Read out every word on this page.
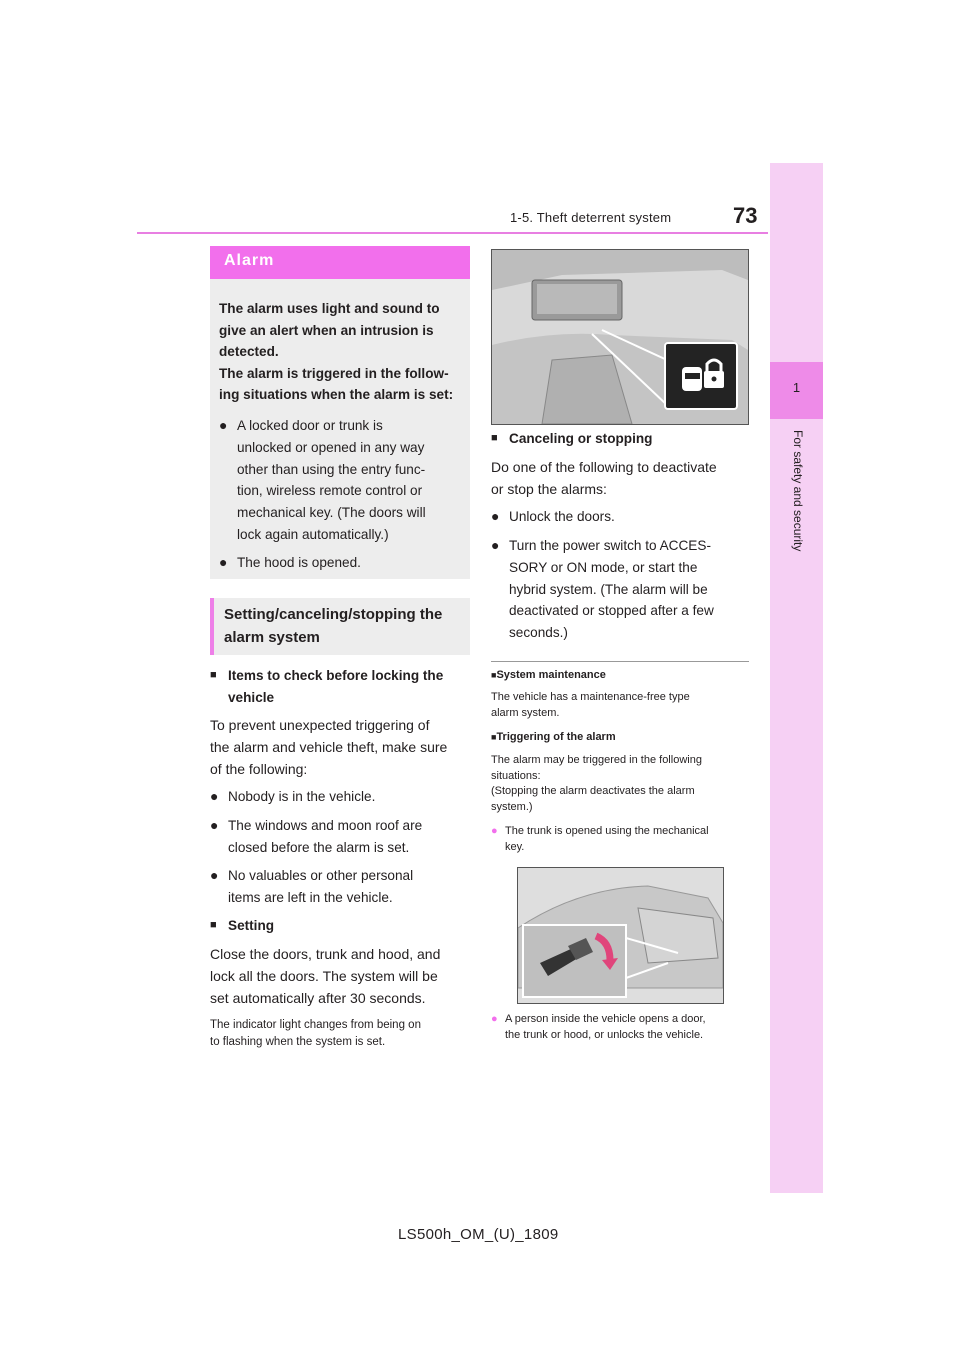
1-5. Theft deterrent system	73
1
For safety and security
Alarm
The alarm uses light and sound to
give an alert when an intrusion is
detected.
The alarm is triggered in the follow-
ing situations when the alarm is set:
● A locked door or trunk is
unlocked or opened in any way
other than using the entry func-
tion, wireless remote control or
mechanical key. (The doors will
lock again automatically.)
● The hood is opened.
Setting/canceling/stopping the
alarm system
■ Items to check before locking the
vehicle
To prevent unexpected triggering of
the alarm and vehicle theft, make sure
of the following:
● Nobody is in the vehicle.
● The windows and moon roof are
closed before the alarm is set.
● No valuables or other personal
items are left in the vehicle.
■ Setting
Close the doors, trunk and hood, and
lock all the doors. The system will be
set automatically after 30 seconds.
The indicator light changes from being on
to flashing when the system is set.
■ Canceling or stopping
Do one of the following to deactivate
or stop the alarms:
● Unlock the doors.
● Turn the power switch to ACCES-
SORY or ON mode, or start the
hybrid system. (The alarm will be
deactivated or stopped after a few
seconds.)
■System maintenance
The vehicle has a maintenance-free type
alarm system.
■Triggering of the alarm
The alarm may be triggered in the following
situations:
(Stopping the alarm deactivates the alarm
system.)
● The trunk is opened using the mechanical
key.
● A person inside the vehicle opens a door,
the trunk or hood, or unlocks the vehicle.
LS500h_OM_(U)_1809
